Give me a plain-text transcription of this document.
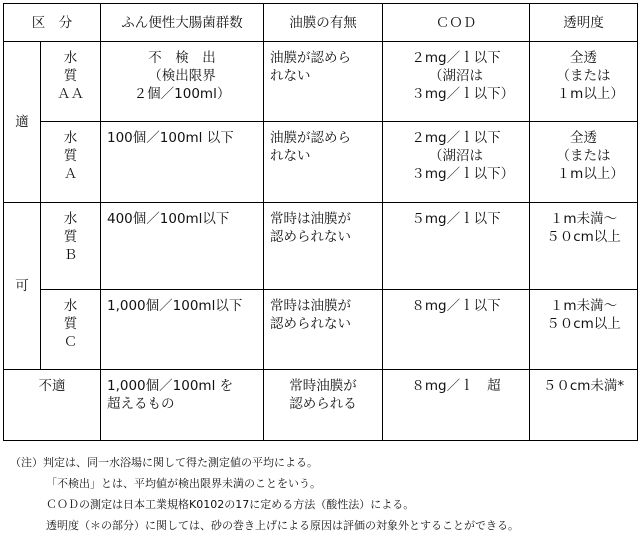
区　分		ふん便性大腸菌群数	油膜の有無	ＣＯＤ	透明度
適	水
質
ＡＡ	不　検　出
（検出限界
２個／100ml）	油膜が認めら
れない	２mg／ｌ以下
（湖沼は
　３mg／ｌ以下）	全透
（または
　１m以上）
	水
質
Ａ	100個／100ml 以下	油膜が認めら
れない	２mg／ｌ以下
（湖沼は
　３mg／ｌ以下）	全透
（または
　１m以上）
可	水
質
Ｂ	400個／100ml以下	常時は油膜が
認められない	５mg／ｌ以下	１m未満〜
５０cm以上
	水
質
Ｃ	1,000個／100ml以下	常時は油膜が
認められない	８mg／ｌ以下	１m未満〜
５０cm以上
不適		1,000個／100ml を
超えるもの	常時油膜が
認められる	８mg／ｌ　超	５０cm未満*
（注）判定は、同一水浴場に関して得た測定値の平均による。
「不検出」とは、平均値が検出限界未満のことをいう。
ＣＯＤの測定は日本工業規格K0102の17に定める方法（酸性法）による。
透明度（＊の部分）に関しては、砂の巻き上げによる原因は評価の対象外とすることができる。
